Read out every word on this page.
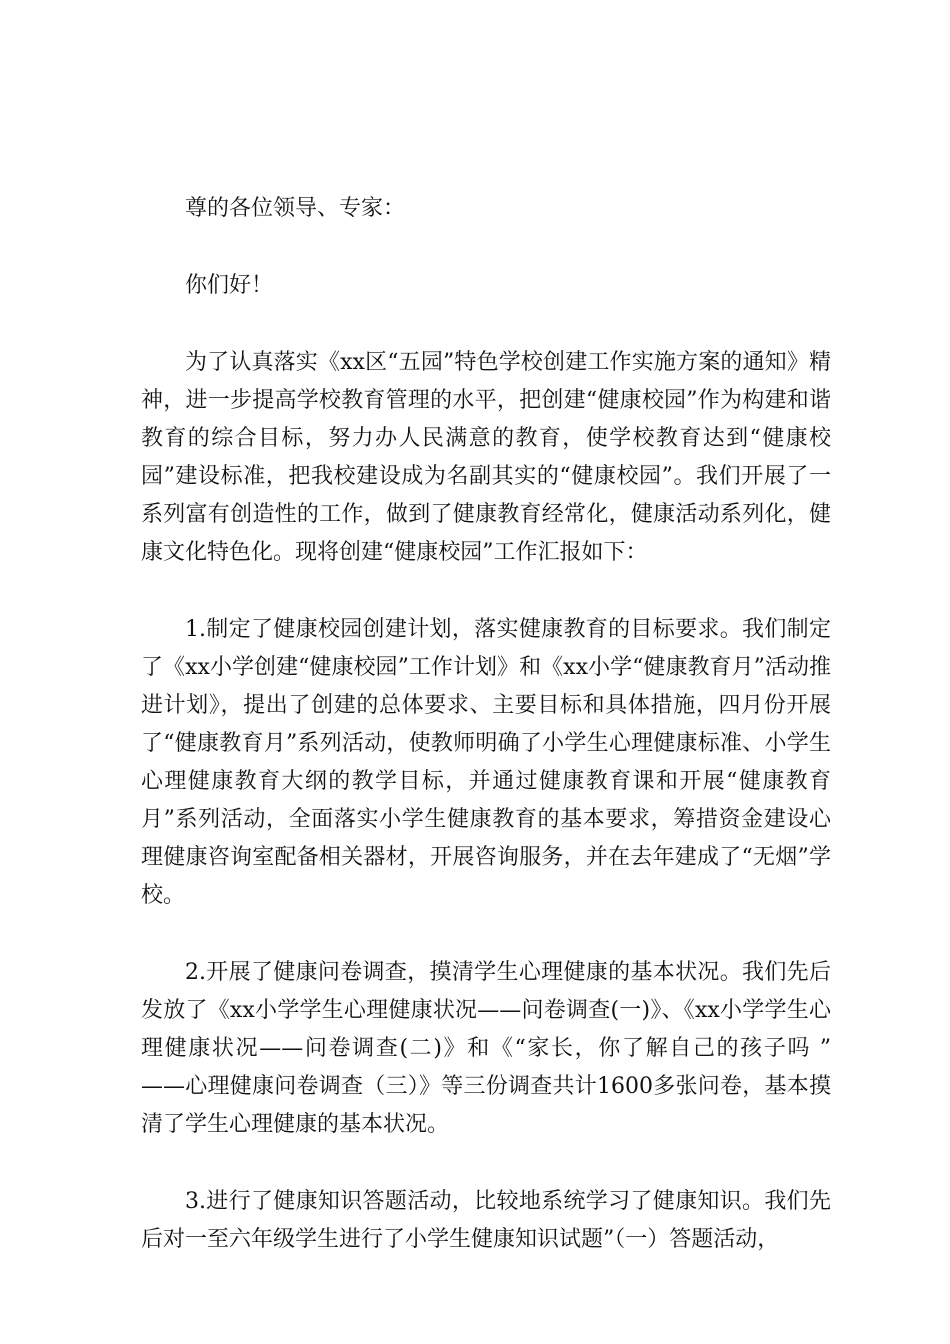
尊的各位领导、专家：

你们好！

为了认真落实《xx区“五园”特色学校创建工作实施方案的通知》精神，进一步提高学校教育管理的水平，把创建“健康校园”作为构建和谐教育的综合目标，努力办人民满意的教育，使学校教育达到“健康校园”建设标准，把我校建设成为名副其实的“健康校园”。我们开展了一系列富有创造性的工作，做到了健康教育经常化，健康活动系列化，健康文化特色化。现将创建“健康校园”工作汇报如下：

1.制定了健康校园创建计划，落实健康教育的目标要求。我们制定了《xx小学创建“健康校园”工作计划》和《xx小学“健康教育月”活动推进计划》，提出了创建的总体要求、主要目标和具体措施，四月份开展了“健康教育月”系列活动，使教师明确了小学生心理健康标准、小学生心理健康教育大纲的教学目标，并通过健康教育课和开展“健康教育月”系列活动，全面落实小学生健康教育的基本要求，筹措资金建设心理健康咨询室配备相关器材，开展咨询服务，并在去年建成了“无烟”学校。

2.开展了健康问卷调查，摸清学生心理健康的基本状况。我们先后发放了《xx小学学生心理健康状况——问卷调查(一)》、《xx小学学生心理健康状况——问卷调查(二)》和《“家长，你了解自己的孩子吗 ” ——心理健康问卷调查（三）》等三份调查共计1600多张问卷，基本摸清了学生心理健康的基本状况。

3.进行了健康知识答题活动，比较地系统学习了健康知识。我们先后对一至六年级学生进行了小学生健康知识试题”（一）答题活动，
